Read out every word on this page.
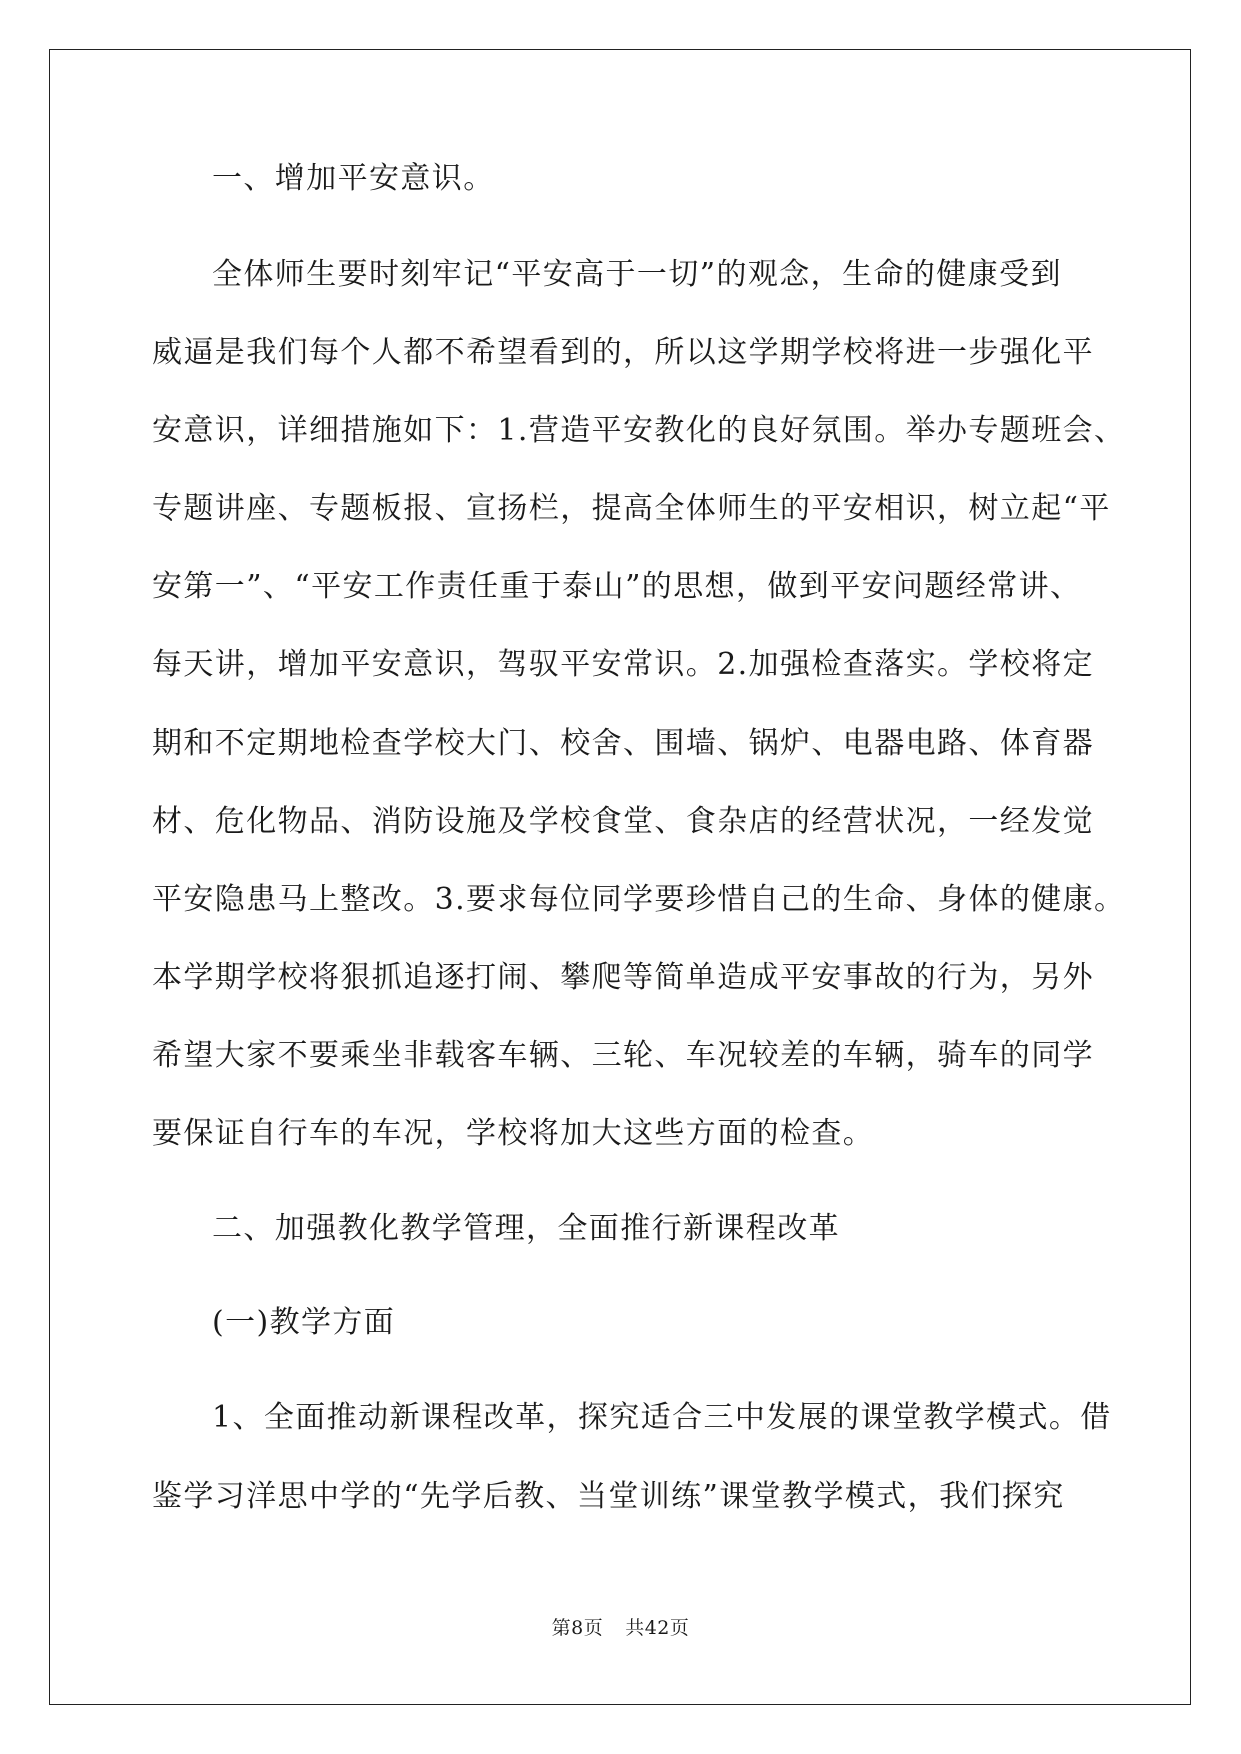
一、增加平安意识。
全体师生要时刻牢记“平安高于一切”的观念，生命的健康受到
威逼是我们每个人都不希望看到的，所以这学期学校将进一步强化平
安意识，详细措施如下：1.营造平安教化的良好氛围。举办专题班会、
专题讲座、专题板报、宣扬栏，提高全体师生的平安相识，树立起“平
安第一”、“平安工作责任重于泰山”的思想，做到平安问题经常讲、
每天讲，增加平安意识，驾驭平安常识。2.加强检查落实。学校将定
期和不定期地检查学校大门、校舍、围墙、锅炉、电器电路、体育器
材、危化物品、消防设施及学校食堂、食杂店的经营状况，一经发觉
平安隐患马上整改。3.要求每位同学要珍惜自己的生命、身体的健康。
本学期学校将狠抓追逐打闹、攀爬等简单造成平安事故的行为，另外
希望大家不要乘坐非载客车辆、三轮、车况较差的车辆，骑车的同学
要保证自行车的车况，学校将加大这些方面的检查。
二、加强教化教学管理，全面推行新课程改革
(一)教学方面
1、全面推动新课程改革，探究适合三中发展的课堂教学模式。借
鉴学习洋思中学的“先学后教、当堂训练”课堂教学模式，我们探究
第8页 共42页
